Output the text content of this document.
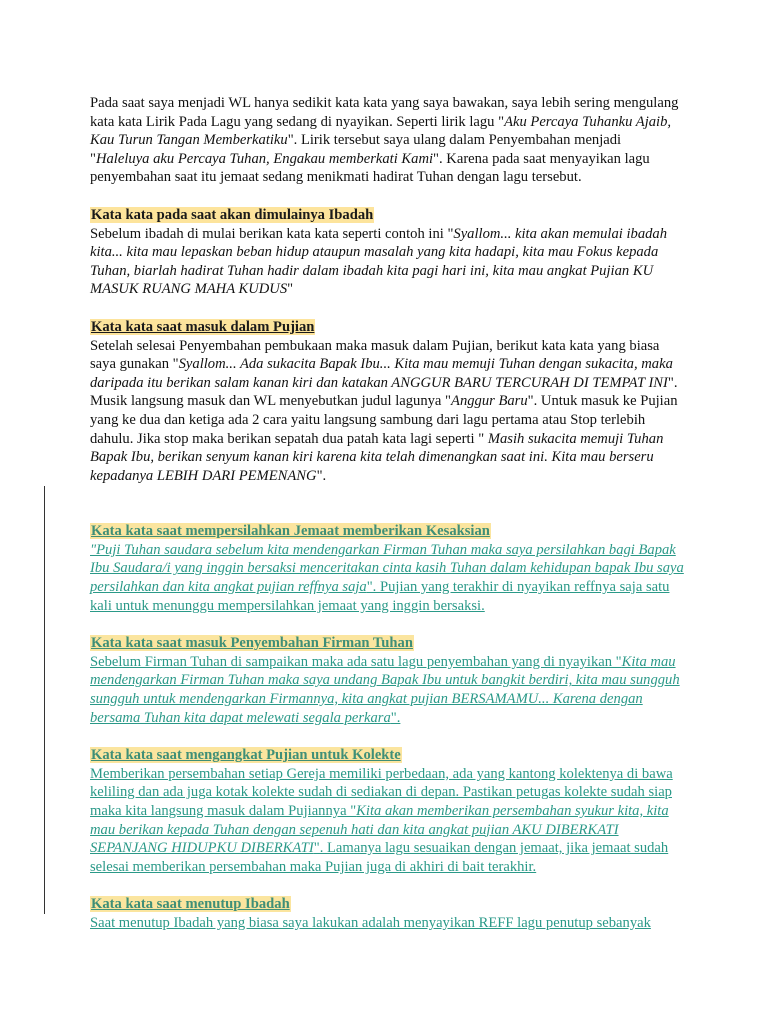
Pada saat saya menjadi WL hanya sedikit kata kata yang saya bawakan, saya lebih sering mengulang kata kata Lirik Pada Lagu yang sedang di nyayikan. Seperti lirik lagu "Aku Percaya Tuhanku Ajaib, Kau Turun Tangan Memberkatiku". Lirik tersebut saya ulang dalam Penyembahan menjadi "Haleluya aku Percaya Tuhan, Engakau memberkati Kami". Karena pada saat menyayikan lagu penyembahan saat itu jemaat sedang menikmati hadirat Tuhan dengan lagu tersebut.

Kata kata pada saat akan dimulainya Ibadah

Sebelum ibadah di mulai berikan kata kata seperti contoh ini "Syallom... kita akan memulai ibadah kita... kita mau lepaskan beban hidup ataupun masalah yang kita hadapi, kita mau Fokus kepada Tuhan, biarlah hadirat Tuhan hadir dalam ibadah kita pagi hari ini, kita mau angkat Pujian KU MASUK RUANG MAHA KUDUS"

Kata kata saat masuk dalam Pujian

Setelah selesai Penyembahan pembukaan maka masuk dalam Pujian, berikut kata kata yang biasa saya gunakan "Syallom... Ada sukacita Bapak Ibu... Kita mau memuji Tuhan dengan sukacita, maka daripada itu berikan salam kanan kiri dan katakan ANGGUR BARU TERCURAH DI TEMPAT INI". Musik langsung masuk dan WL menyebutkan judul lagunya "Anggur Baru". Untuk masuk ke Pujian yang ke dua dan ketiga ada 2 cara yaitu langsung sambung dari lagu pertama atau Stop terlebih dahulu. Jika stop maka berikan sepatah dua patah kata lagi seperti " Masih sukacita memuji Tuhan Bapak Ibu, berikan senyum kanan kiri karena kita telah dimenangkan saat ini. Kita mau berseru kepadanya LEBIH DARI PEMENANG".

Kata kata saat mempersilahkan Jemaat memberikan Kesaksian

"Puji Tuhan saudara sebelum kita mendengarkan Firman Tuhan maka saya persilahkan bagi Bapak Ibu Saudara/i yang inggin bersaksi menceritakan cinta kasih Tuhan dalam kehidupan bapak Ibu saya persilahkan dan kita angkat pujian reffnya saja". Pujian yang terakhir di nyayikan reffnya saja satu kali untuk menunggu mempersilahkan jemaat yang inggin bersaksi.

Kata kata saat masuk Penyembahan Firman Tuhan

Sebelum Firman Tuhan di sampaikan maka ada satu lagu penyembahan yang di nyayikan "Kita mau mendengarkan Firman Tuhan maka saya undang Bapak Ibu untuk bangkit berdiri, kita mau sungguh sungguh untuk mendengarkan Firmannya, kita angkat pujian BERSAMAMU... Karena dengan bersama Tuhan kita dapat melewati segala perkara".

Kata kata saat mengangkat Pujian untuk Kolekte

Memberikan persembahan setiap Gereja memiliki perbedaan, ada yang kantong kolektenya di bawa keliling dan ada juga kotak kolekte sudah di sediakan di depan. Pastikan petugas kolekte sudah siap maka kita langsung masuk dalam Pujiannya "Kita akan memberikan persembahan syukur kita, kita mau berikan kepada Tuhan dengan sepenuh hati dan kita angkat pujian AKU DIBERKATI SEPANJANG HIDUPKU DIBERKATI". Lamanya lagu sesuaikan dengan jemaat, jika jemaat sudah selesai memberikan persembahan maka Pujian juga di akhiri di bait terakhir.

Kata kata saat menutup Ibadah

Saat menutup Ibadah yang biasa saya lakukan adalah menyayikan REFF lagu penutup sebanyak
